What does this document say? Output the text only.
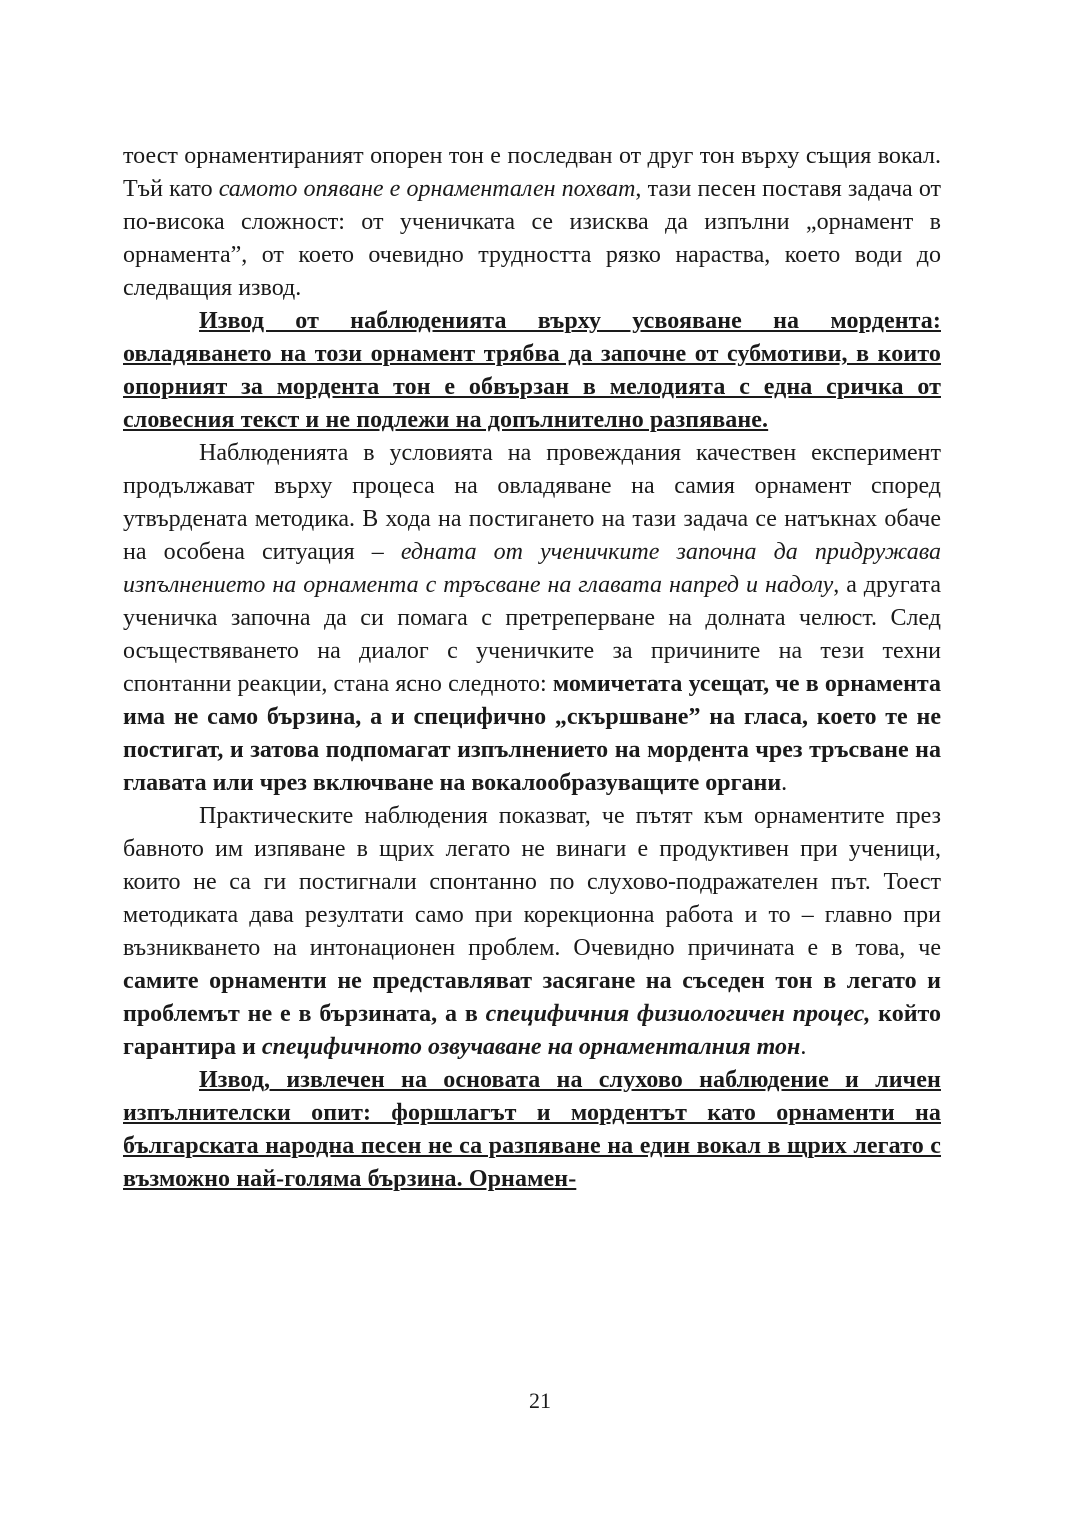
тоест орнаментираният опорен тон е последван от друг тон върху същия вокал. Тъй като самото опяване е орнаментален похват, тази песен поставя задача от по-висока сложност: от ученичката се изисква да изпълни „орнамент в орнамента”, от което очевидно трудността рязко нараства, което води до следващия извод.

Извод от наблюденията върху усвояване на мордента: овладяването на този орнамент трябва да започне от субмотиви, в които опорният за мордента тон е обвързан в мелодията с една сричка от словесния текст и не подлежи на допълнително разпяване.

Наблюденията в условията на провеждания качествен експеримент продължават върху процеса на овладяване на самия орнамент според утвърдената методика. В хода на постигането на тази задача се натъкнах обаче на особена ситуация – едната от ученичките започна да придружава изпълнението на орнамента с тръсване на главата напред и надолу, а другата ученичка започна да си помага с претреперване на долната челюст. След осъществяването на диалог с ученичките за причините на тези техни спонтанни реакции, стана ясно следното: момичетата усещат, че в орнамента има не само бързина, а и специфично „скършване” на гласа, което те не постигат, и затова подпомагат изпълнението на мордента чрез тръсване на главата или чрез включване на вокалообразуващите органи.

Практическите наблюдения показват, че пътят към орнаментите през бавното им изпяване в щрих легато не винаги е продуктивен при ученици, които не са ги постигнали спонтанно по слухово-подражателен път. Тоест методиката дава резултати само при корекционна работа и то – главно при възникването на интонационен проблем. Очевидно причината е в това, че самите орнаменти не представляват засягане на съседен тон в легато и проблемът не е в бързината, а в специфичния физиологичен процес, който гарантира и специфичното озвучаване на орнаменталния тон.

Извод, извлечен на основата на слухово наблюдение и личен изпълнителски опит: форшлагът и мордентът като орнаменти на българската народна песен не са разпяване на един вокал в щрих легато с възможно най-голяма бързина. Орнамен-

21
